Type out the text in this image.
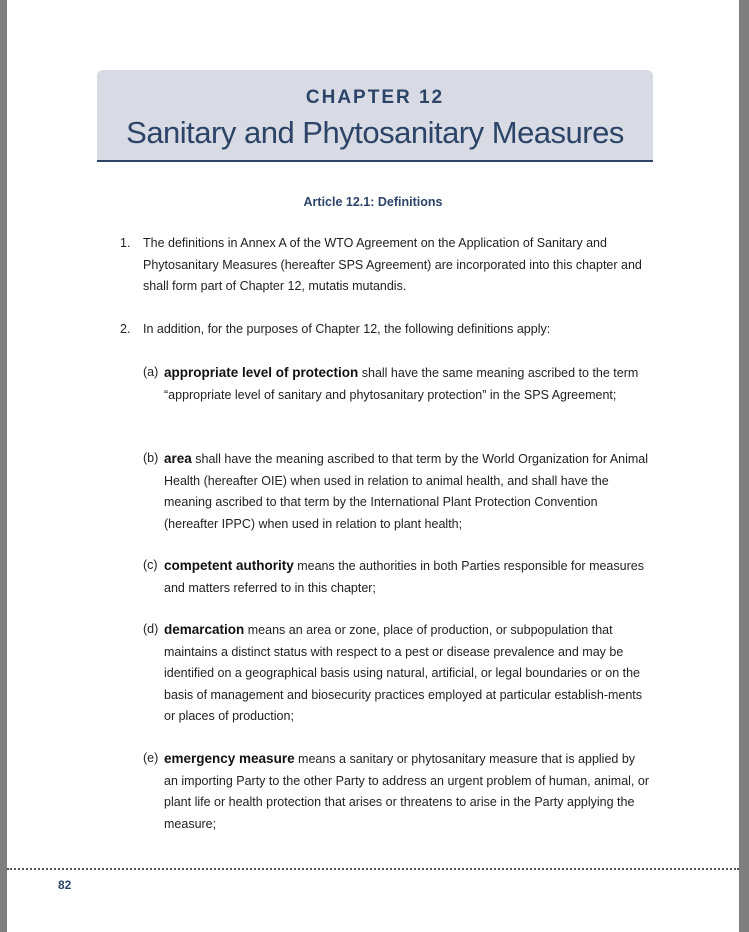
CHAPTER 12
Sanitary and Phytosanitary Measures
Article 12.1: Definitions
1. The definitions in Annex A of the WTO Agreement on the Application of Sanitary and Phytosanitary Measures (hereafter SPS Agreement) are incorporated into this chapter and shall form part of Chapter 12, mutatis mutandis.
2. In addition, for the purposes of Chapter 12, the following definitions apply:
(a) appropriate level of protection shall have the same meaning ascribed to the term “appropriate level of sanitary and phytosanitary protection” in the SPS Agreement;
(b) area shall have the meaning ascribed to that term by the World Organization for Animal Health (hereafter OIE) when used in relation to animal health, and shall have the meaning ascribed to that term by the International Plant Protection Convention (hereafter IPPC) when used in relation to plant health;
(c) competent authority means the authorities in both Parties responsible for measures and matters referred to in this chapter;
(d) demarcation means an area or zone, place of production, or subpopulation that maintains a distinct status with respect to a pest or disease prevalence and may be identified on a geographical basis using natural, artificial, or legal boundaries or on the basis of management and biosecurity practices employed at particular establish-ments or places of production;
(e) emergency measure means a sanitary or phytosanitary measure that is applied by an importing Party to the other Party to address an urgent problem of human, animal, or plant life or health protection that arises or threatens to arise in the Party applying the measure;
82
